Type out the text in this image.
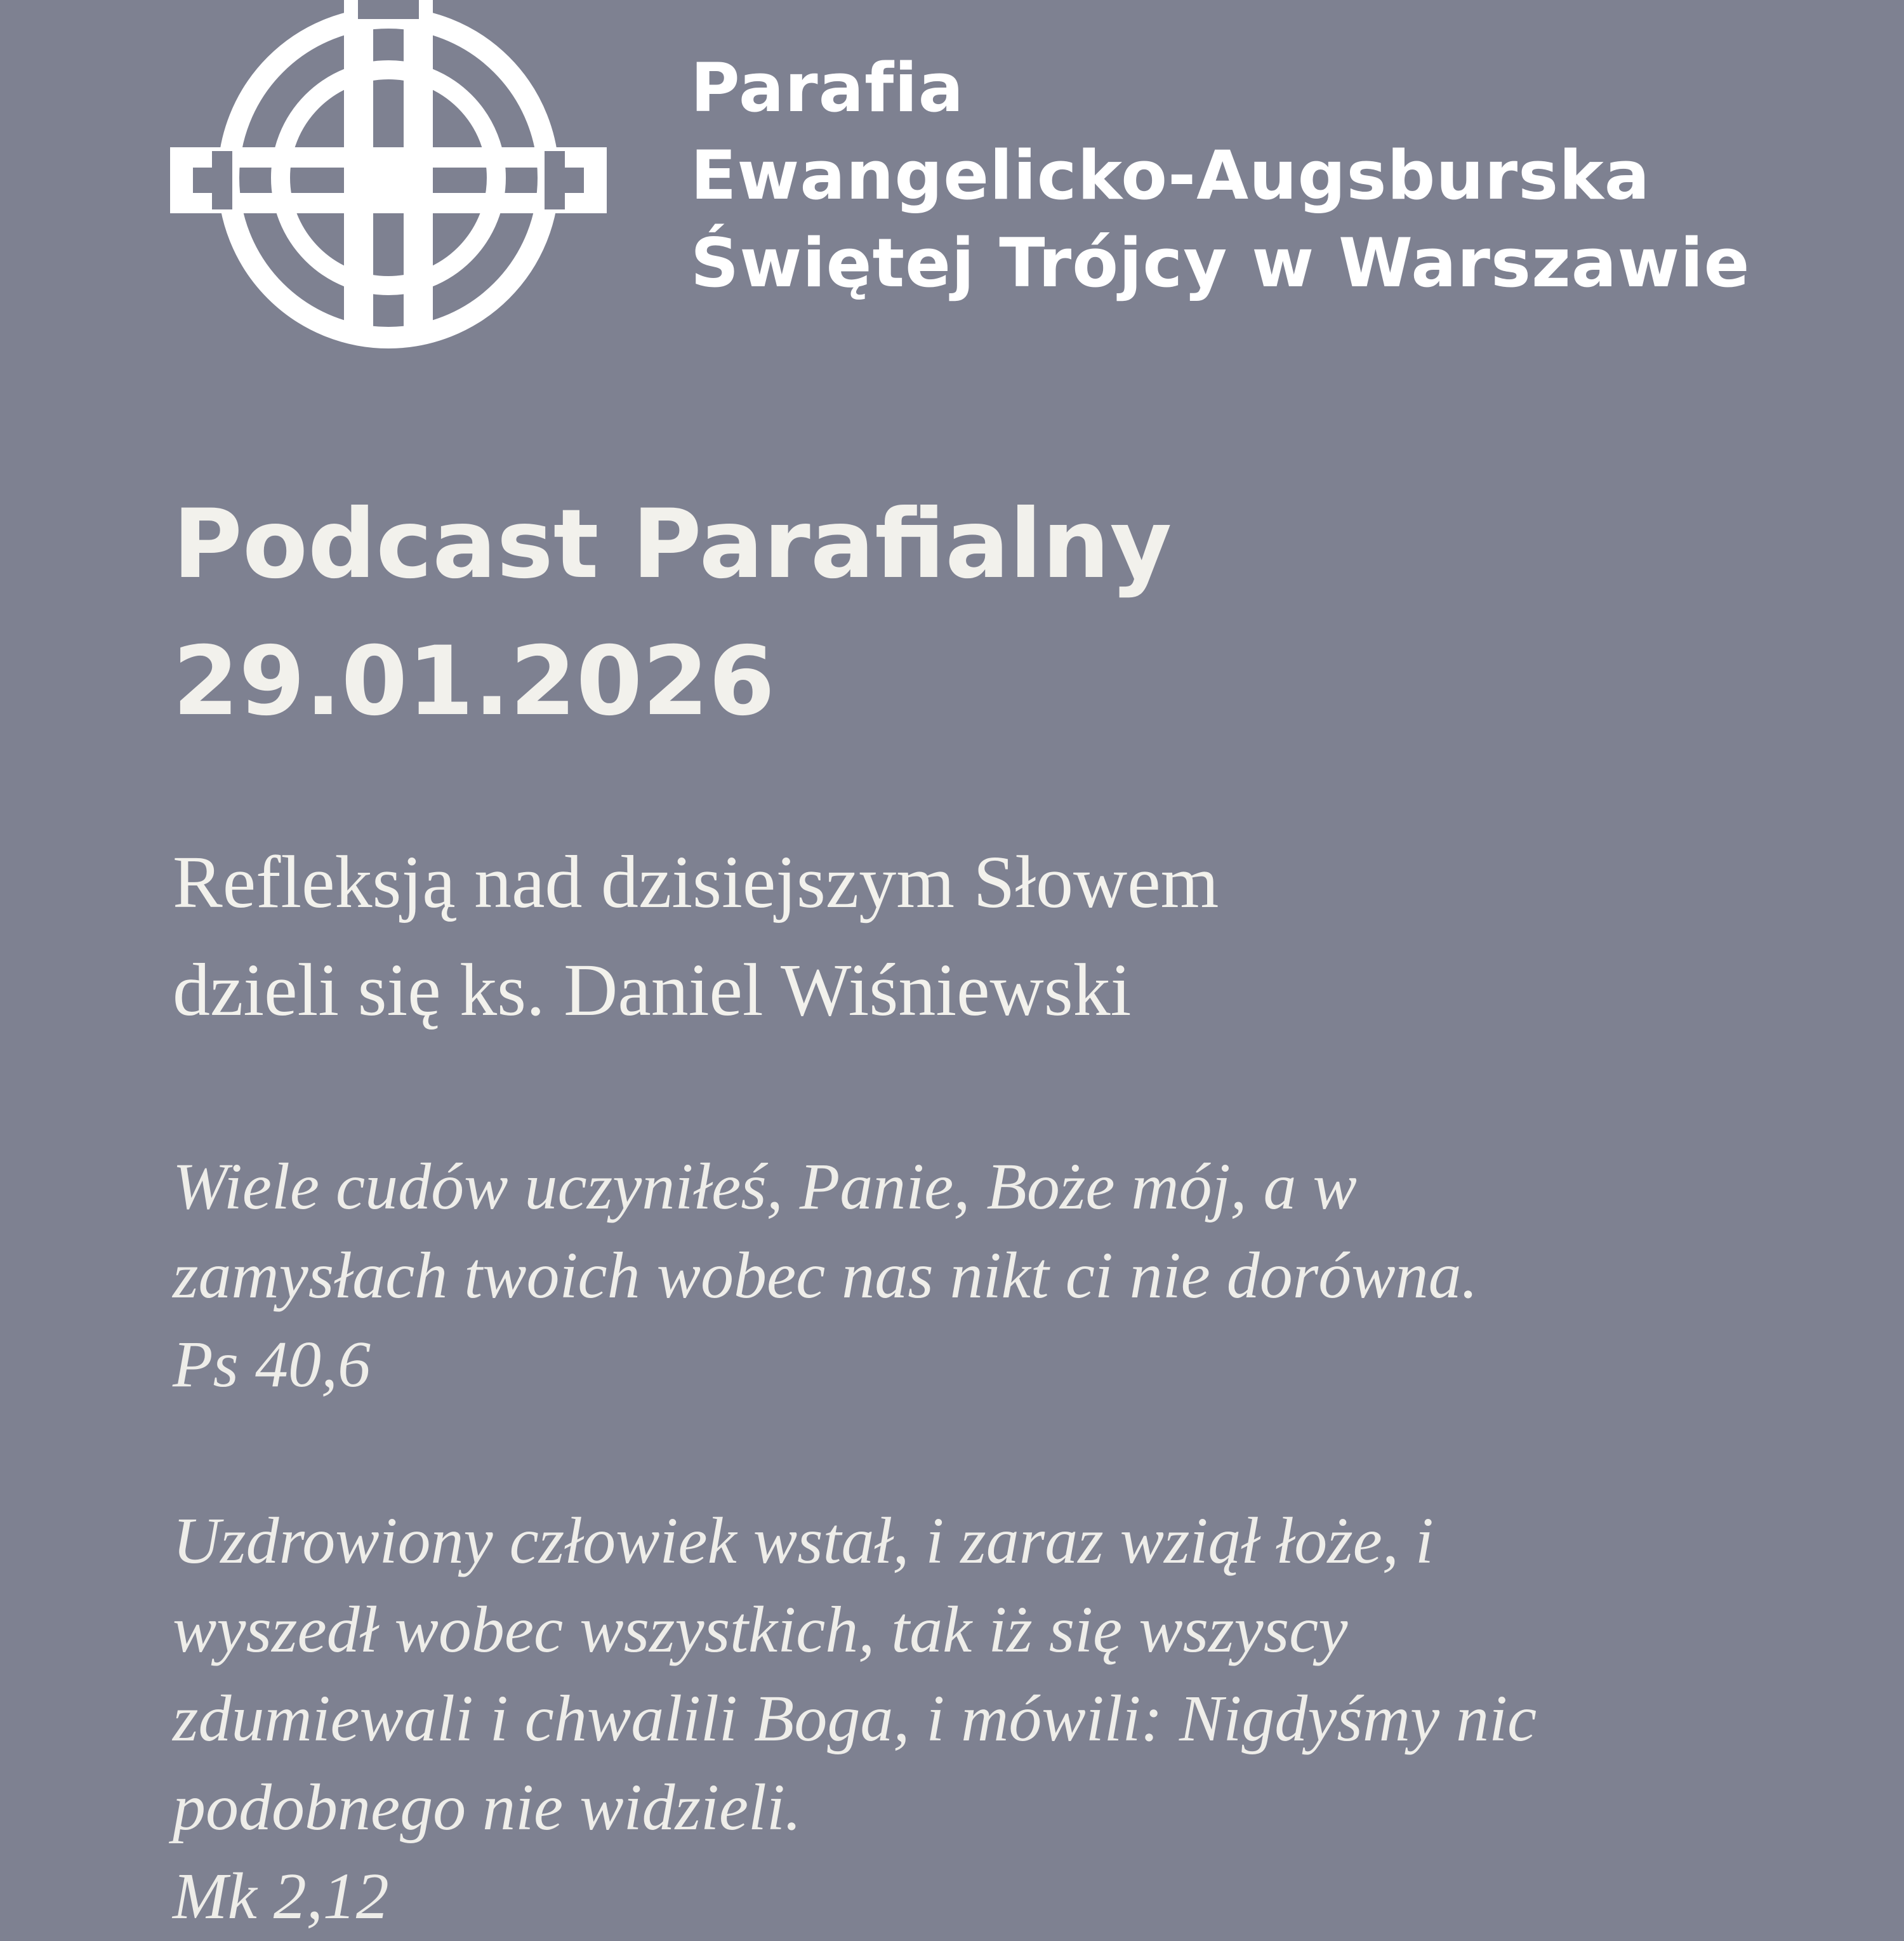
Parafia
Ewangelicko-Augsburska
Świętej Trójcy w Warszawie
Podcast Parafialny
29.01.2026
Refleksją nad dzisiejszym Słowem
dzieli się ks. Daniel Wiśniewski
Wiele cudów uczyniłeś, Panie, Boże mój, a w
zamysłach twoich wobec nas nikt ci nie dorówna.
Ps 40,6
Uzdrowiony człowiek wstał, i zaraz wziął łoże, i
wyszedł wobec wszystkich, tak iż się wszyscy
zdumiewali i chwalili Boga, i mówili: Nigdyśmy nic
podobnego nie widzieli.
Mk 2,12
